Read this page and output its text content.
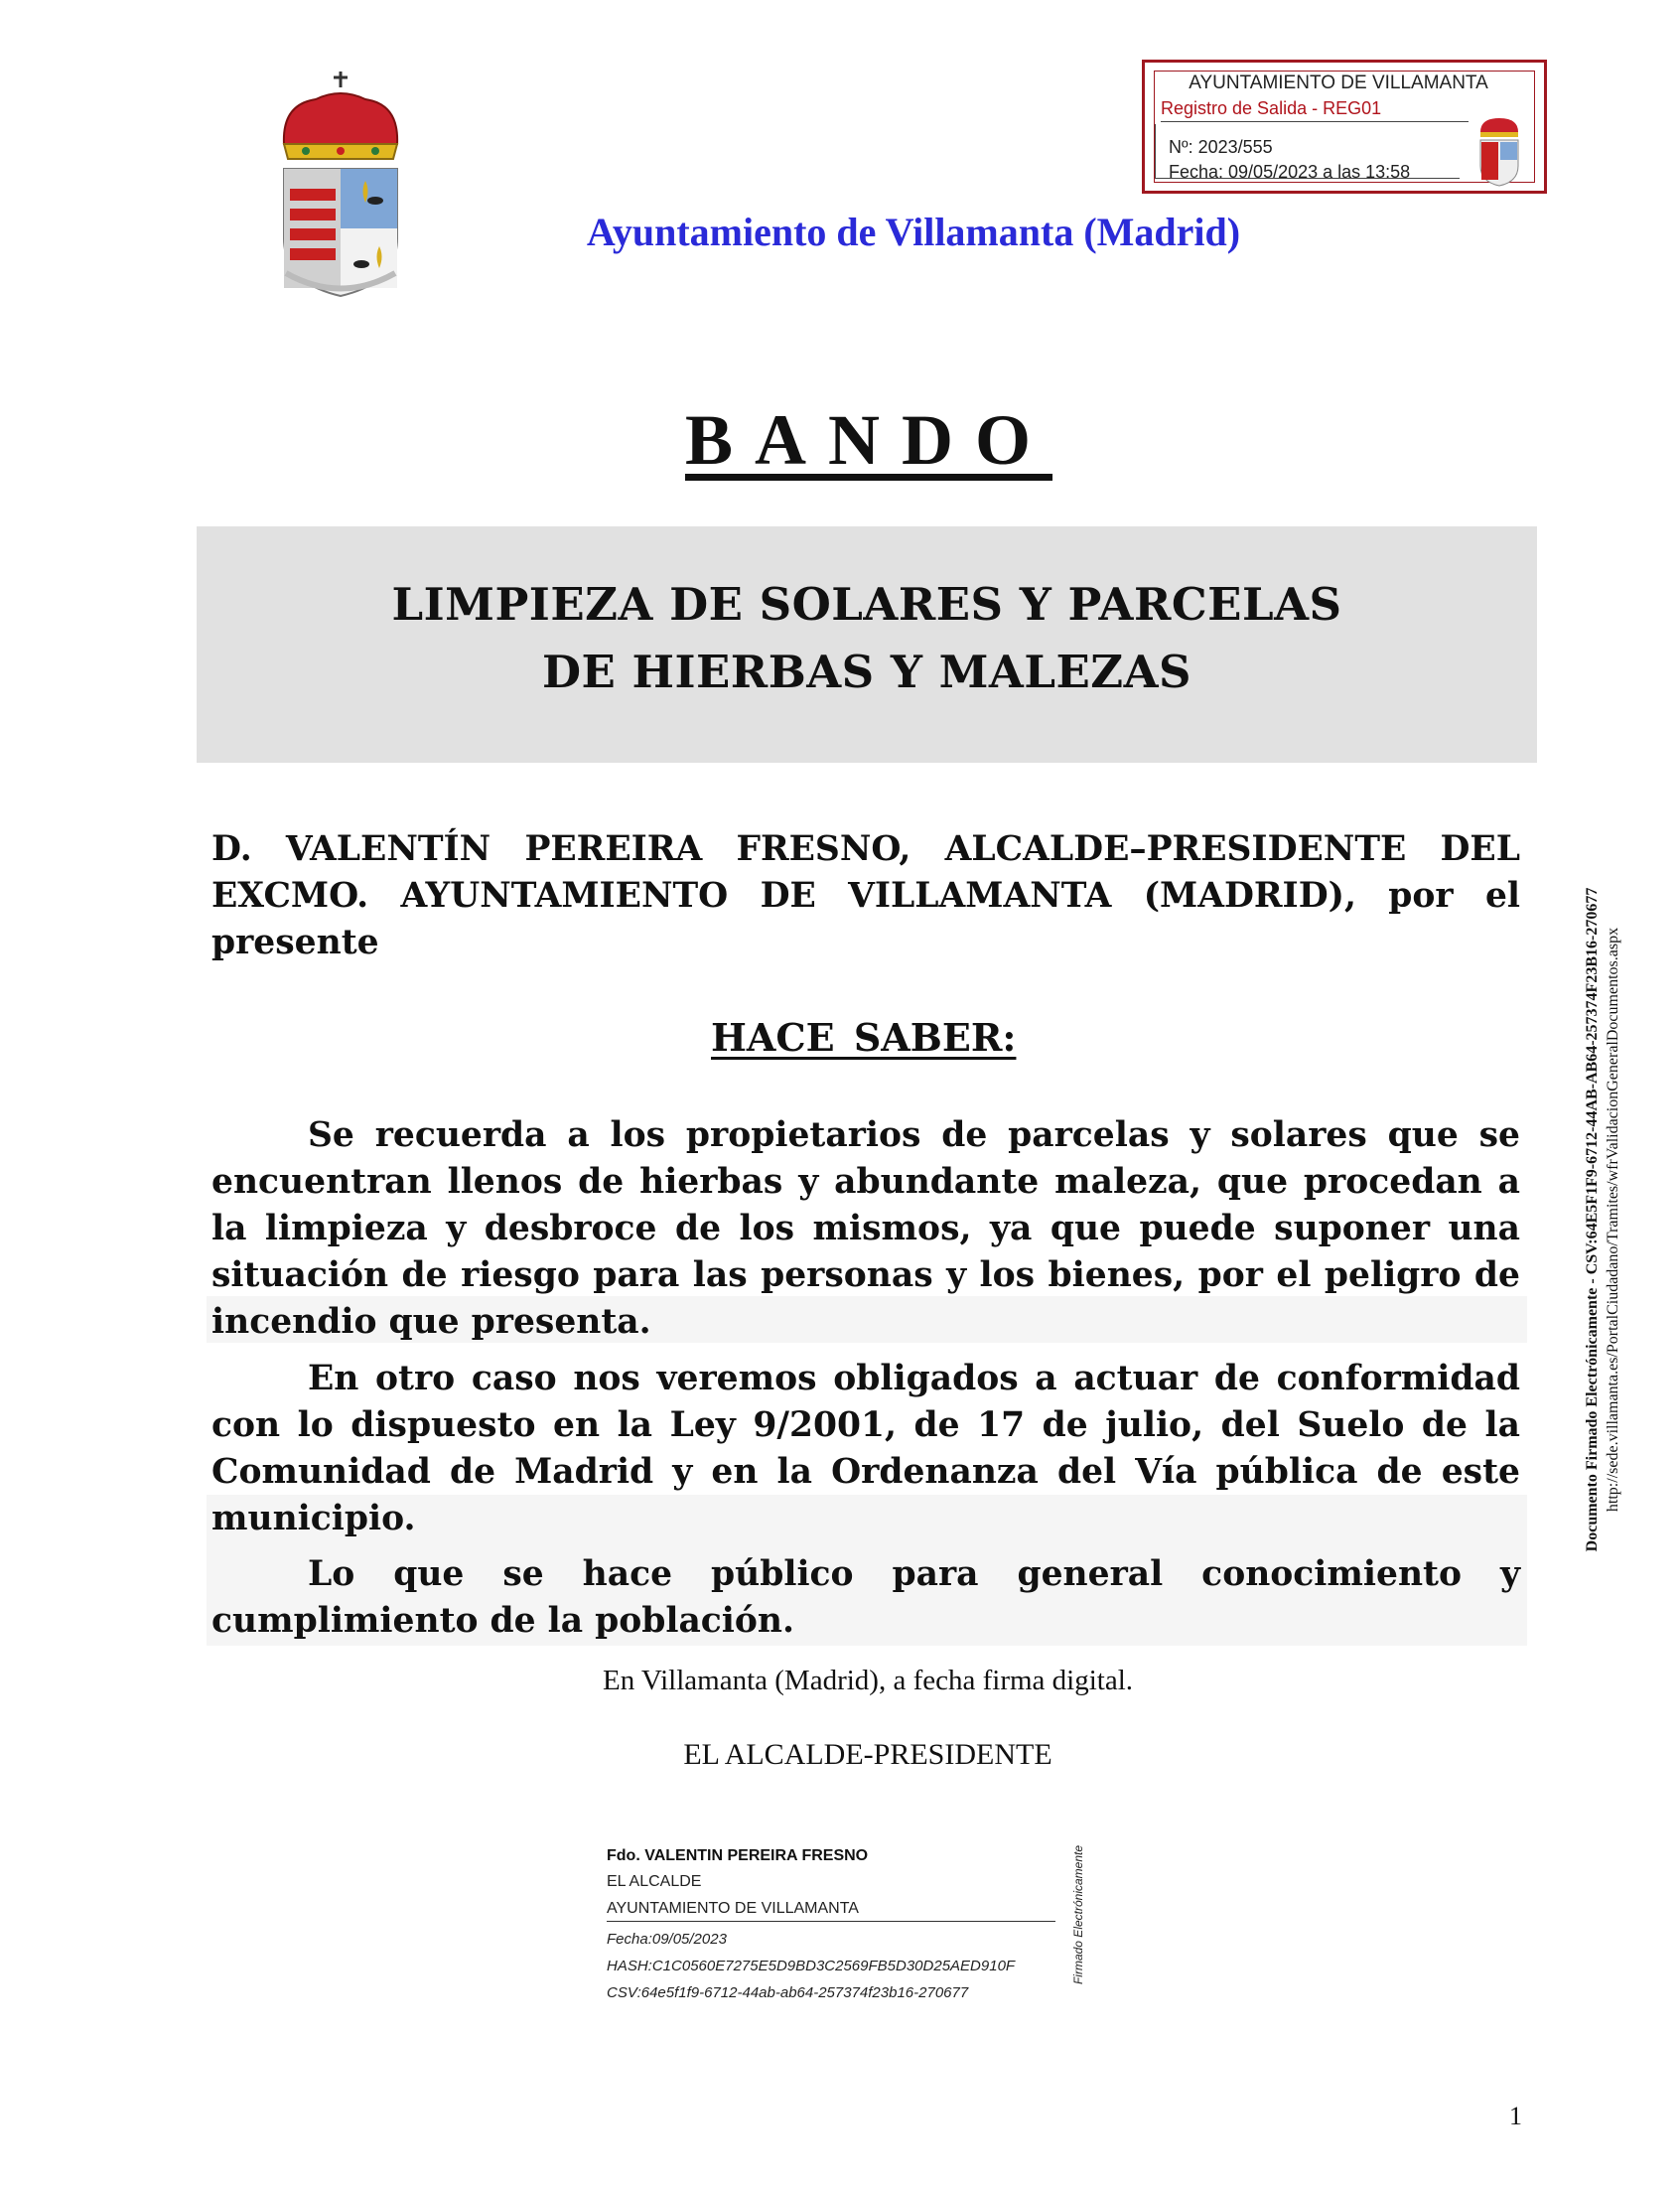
AYUNTAMIENTO DE VILLAMANTA
Registro de Salida - REG01
Nº: 2023/555
Fecha: 09/05/2023 a las 13:58
Ayuntamiento de Villamanta (Madrid)
BANDO
LIMPIEZA DE SOLARES Y PARCELAS
DE HIERBAS Y MALEZAS
D. VALENTÍN PEREIRA FRESNO, ALCALDE–PRESIDENTE DEL EXCMO. AYUNTAMIENTO DE VILLAMANTA (MADRID), por el presente
HACE SABER:
Se recuerda a los propietarios de parcelas y solares que se encuentran llenos de hierbas y abundante maleza, que procedan a la limpieza y desbroce de los mismos, ya que puede suponer una situación de riesgo para las personas y los bienes, por el peligro de incendio que presenta.
En otro caso nos veremos obligados a actuar de conformidad con lo dispuesto en la Ley 9/2001, de 17 de julio, del Suelo de la Comunidad de Madrid y en la Ordenanza del Vía pública de este municipio.
Lo que se hace público para general conocimiento y cumplimiento de la población.
En Villamanta (Madrid), a fecha firma digital.
EL ALCALDE-PRESIDENTE
Fdo. VALENTIN PEREIRA FRESNO
EL ALCALDE
AYUNTAMIENTO DE VILLAMANTA
Fecha:09/05/2023
HASH:C1C0560E7275E5D9BD3C2569FB5D30D25AED910F
CSV:64e5f1f9-6712-44ab-ab64-257374f23b16-270677
Firmado Electrónicamente
Documento Firmado Electrónicamente - CSV:64E5F1F9-6712-44AB-AB64-257374F23B16-270677 http://sede.villamanta.es/PortalCiudadano/Tramites/wfrValidacionGeneralDocumentos.aspx
1
